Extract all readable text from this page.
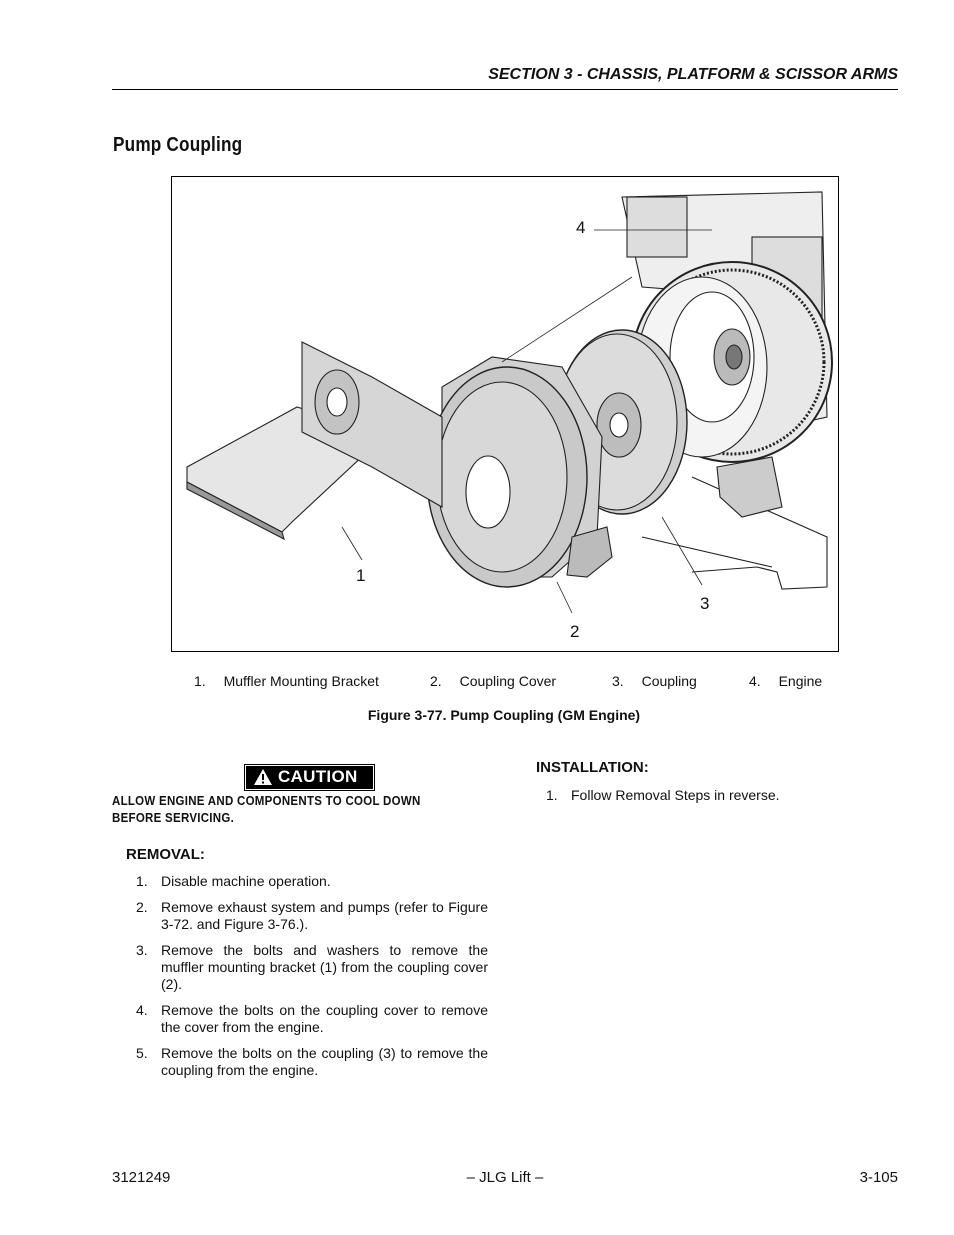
SECTION 3 - CHASSIS, PLATFORM & SCISSOR ARMS
Pump Coupling
4
1
2
3
1. Muffler Mounting Bracket	2. Coupling Cover	3. Coupling	4. Engine
Figure 3-77. Pump Coupling (GM Engine)
CAUTION
ALLOW ENGINE AND COMPONENTS TO COOL DOWN BEFORE SERVICING.
REMOVAL:
1. Disable machine operation.
2. Remove exhaust system and pumps (refer to Figure 3-72. and Figure 3-76.).
3. Remove the bolts and washers to remove the muffler mounting bracket (1) from the coupling cover (2).
4. Remove the bolts on the coupling cover to remove the cover from the engine.
5. Remove the bolts on the coupling (3) to remove the coupling from the engine.
INSTALLATION:
1. Follow Removal Steps in reverse.
3121249	– JLG Lift –	3-105
